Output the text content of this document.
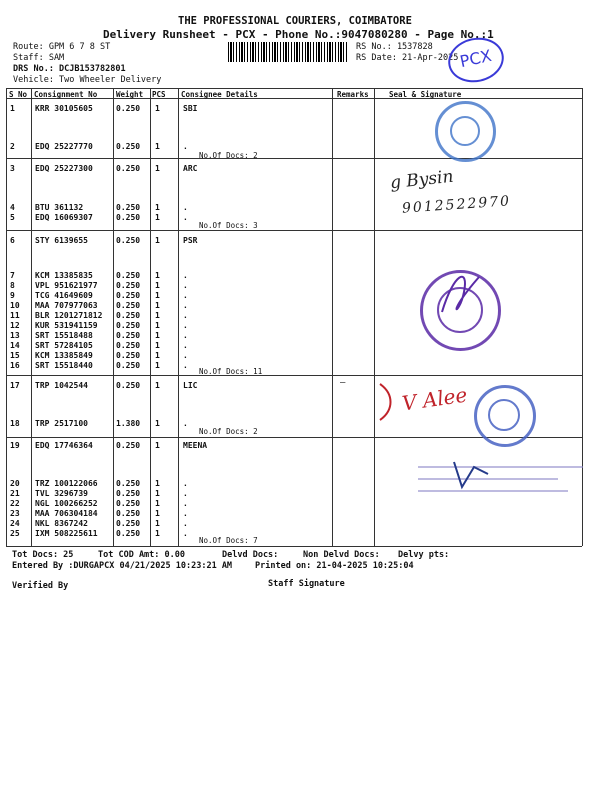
THE PROFESSIONAL COURIERS, COIMBATORE
Delivery Runsheet - PCX - Phone No.:9047080280 - Page No.:1
Route: GPM 6 7 8 ST
Staff: SAM
DRS No.: DCJB153782801
Vehicle: Two Wheeler Delivery
RS No.: 1537828
RS Date: 21-Apr-2025 PCX
S No Consignment No	Weight PCS Consignee Details	Remarks	Seal & Signature
No.Of Docs: 2
No.Of Docs: 3
No.Of Docs: 11
No.Of Docs: 2
No.Of Docs: 7
—
g Bysin
9012522970
V Alee
Tot Docs: 25	Tot COD Amt: 0.00	Delvd Docs:	Non Delvd Docs: Delvy pts:
Entered By :DURGAPCX 04/21/2025 10:23:21 AM	Printed on: 21-04-2025 10:25:04
Verified By	Staff Signature
1	KRR 30105605	0.250 1	SBI
2	EDQ 25227770	0.250 1	.
3	EDQ 25227300	0.250 1	ARC
4	BTU 361132	0.250 1	.
5	EDQ 16069307	0.250 1	.
6	STY 6139655	0.250 1	PSR
7	KCM 13385835	0.250 1	.
8	VPL 951621977 0.250 1	.
9	TCG 41649609	0.250 1	.
10 MAA 707977063 0.250 1	.
11 BLR 1201271812 0.250 1	.
12 KUR 531941159 0.250 1	.
13 SRT 15518488	0.250 1	.
14 SRT 57284105	0.250 1	.
15 KCM 13385849	0.250 1	.
16 SRT 15518440	0.250 1	.
17 TRP 1042544	0.250 1	LIC
18 TRP 2517100	1.380 1	.
19 EDQ 17746364	0.250 1	MEENA
20 TRZ 100122066 0.250 1	.
21 TVL 3296739	0.250 1	.
22 NGL 100266252 0.250 1	.
23 MAA 706304184 0.250 1	.
24 NKL 8367242	0.250 1	.
25 IXM 508225611 0.250 1	.
